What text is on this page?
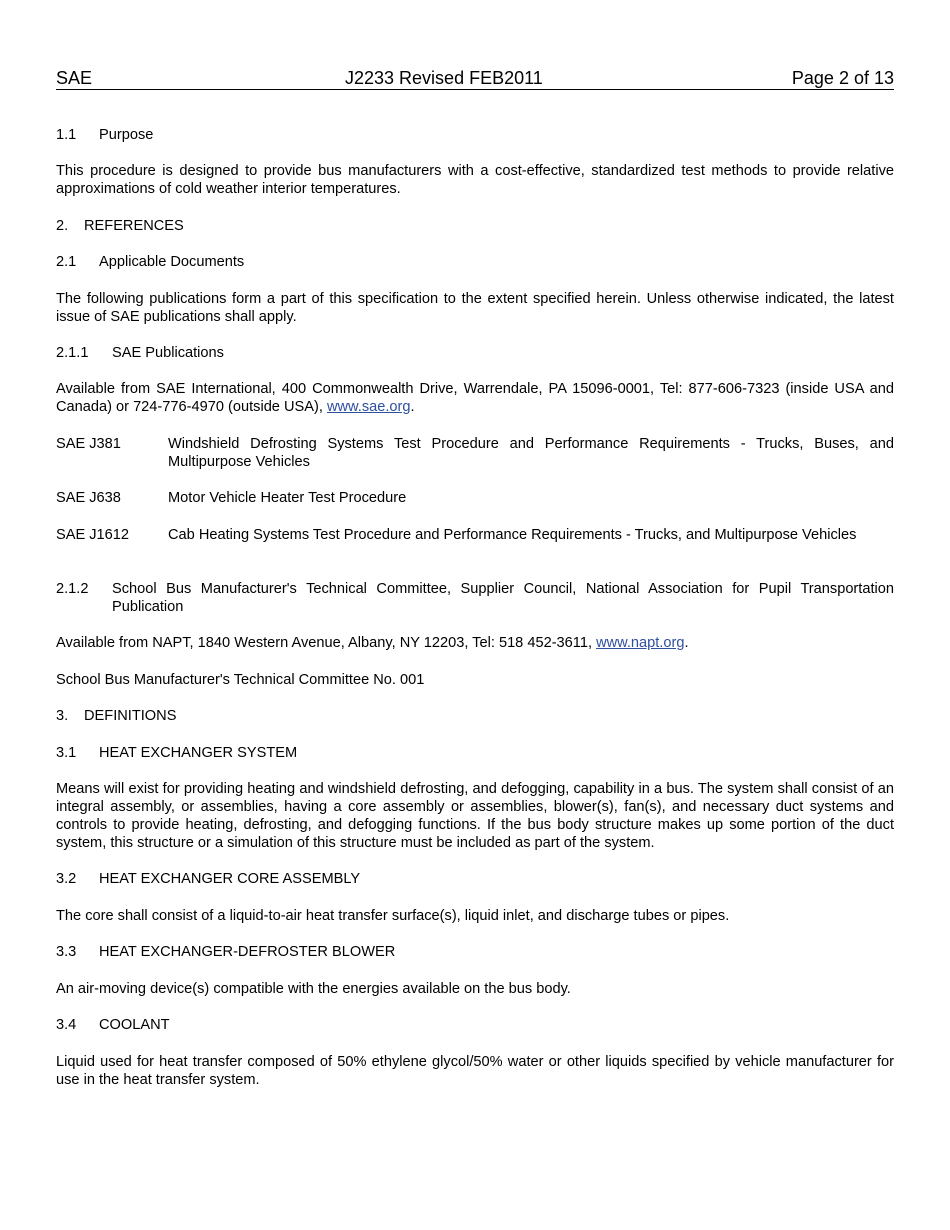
SAE	J2233 Revised FEB2011	Page 2 of 13
1.1 Purpose
This procedure is designed to provide bus manufacturers with a cost-effective, standardized test methods to provide relative approximations of cold weather interior temperatures.
2. REFERENCES
2.1 Applicable Documents
The following publications form a part of this specification to the extent specified herein. Unless otherwise indicated, the latest issue of SAE publications shall apply.
2.1.1 SAE Publications
Available from SAE International, 400 Commonwealth Drive, Warrendale, PA 15096-0001, Tel: 877-606-7323 (inside USA and Canada) or 724-776-4970 (outside USA), www.sae.org.
SAE J381	Windshield Defrosting Systems Test Procedure and Performance Requirements - Trucks, Buses, and Multipurpose Vehicles
SAE J638	Motor Vehicle Heater Test Procedure
SAE J1612	Cab Heating Systems Test Procedure and Performance Requirements - Trucks, and Multipurpose Vehicles
2.1.2 School Bus Manufacturer's Technical Committee, Supplier Council, National Association for Pupil Transportation Publication
Available from NAPT, 1840 Western Avenue, Albany, NY 12203, Tel: 518 452-3611, www.napt.org.
School Bus Manufacturer's Technical Committee No. 001
3. DEFINITIONS
3.1 HEAT EXCHANGER SYSTEM
Means will exist for providing heating and windshield defrosting, and defogging, capability in a bus. The system shall consist of an integral assembly, or assemblies, having a core assembly or assemblies, blower(s), fan(s), and necessary duct systems and controls to provide heating, defrosting, and defogging functions. If the bus body structure makes up some portion of the duct system, this structure or a simulation of this structure must be included as part of the system.
3.2 HEAT EXCHANGER CORE ASSEMBLY
The core shall consist of a liquid-to-air heat transfer surface(s), liquid inlet, and discharge tubes or pipes.
3.3 HEAT EXCHANGER-DEFROSTER BLOWER
An air-moving device(s) compatible with the energies available on the bus body.
3.4 COOLANT
Liquid used for heat transfer composed of 50% ethylene glycol/50% water or other liquids specified by vehicle manufacturer for use in the heat transfer system.
